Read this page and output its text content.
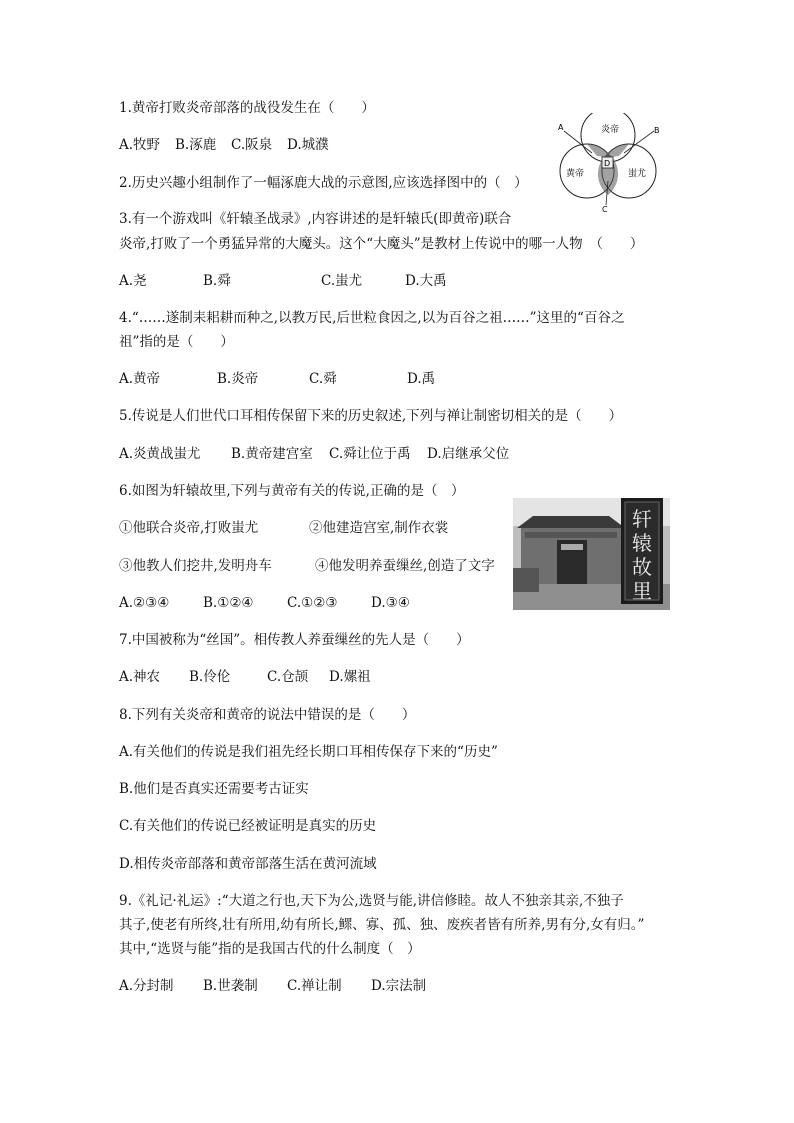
1.黄帝打败炎帝部落的战役发生在（　　）
A.牧野 B.涿鹿 C.阪泉 D.城濮
炎帝
黄帝	蚩尤
A	B
C
D
2.历史兴趣小组制作了一幅涿鹿大战的示意图,应该选择图中的（　）
3.有一个游戏叫《轩辕圣战录》,内容讲述的是轩辕氏(即黄帝)联合
炎帝,打败了一个勇猛异常的大魔头。这个“大魔头”是教材上传说中的哪一人物　（　　）
A.尧	B.舜	C.蚩尤	D.大禹
4.“……遂制耒耜耕而种之,以教万民,后世粒食因之,以为百谷之祖……”这里的“百谷之
祖”指的是（　　）
A.黄帝	B.炎帝	C.舜	D.禹
5.传说是人们世代口耳相传保留下来的历史叙述,下列与禅让制密切相关的是（　　）
A.炎黄战蚩尤 B.黄帝建宫室 C.舜让位于禹 D.启继承父位
6.如图为轩辕故里,下列与黄帝有关的传说,正确的是（　）
①他联合炎帝,打败蚩尤	②他建造宫室,制作衣裳
③他教人们挖井,发明舟车	④他发明养蚕缫丝,创造了文字
A.②③④ B.①②④ C.①②③ D.③④
轩
辕
故
里
7.中国被称为“丝国”。相传教人养蚕缫丝的先人是（　　）
A.神农 B.伶伦	C.仓颉 D.嫘祖
8.下列有关炎帝和黄帝的说法中错误的是（　　）
A.有关他们的传说是我们祖先经长期口耳相传保存下来的“历史”
B.他们是否真实还需要考古证实
C.有关他们的传说已经被证明是真实的历史
D.相传炎帝部落和黄帝部落生活在黄河流域
9.《礼记·礼运》:“大道之行也,天下为公,选贤与能,讲信修睦。故人不独亲其亲,不独子
其子,使老有所终,壮有所用,幼有所长,鳏、寡、孤、独、废疾者皆有所养,男有分,女有归。”
其中,“选贤与能”指的是我国古代的什么制度（　）
A.分封制 B.世袭制 C.禅让制 D.宗法制
